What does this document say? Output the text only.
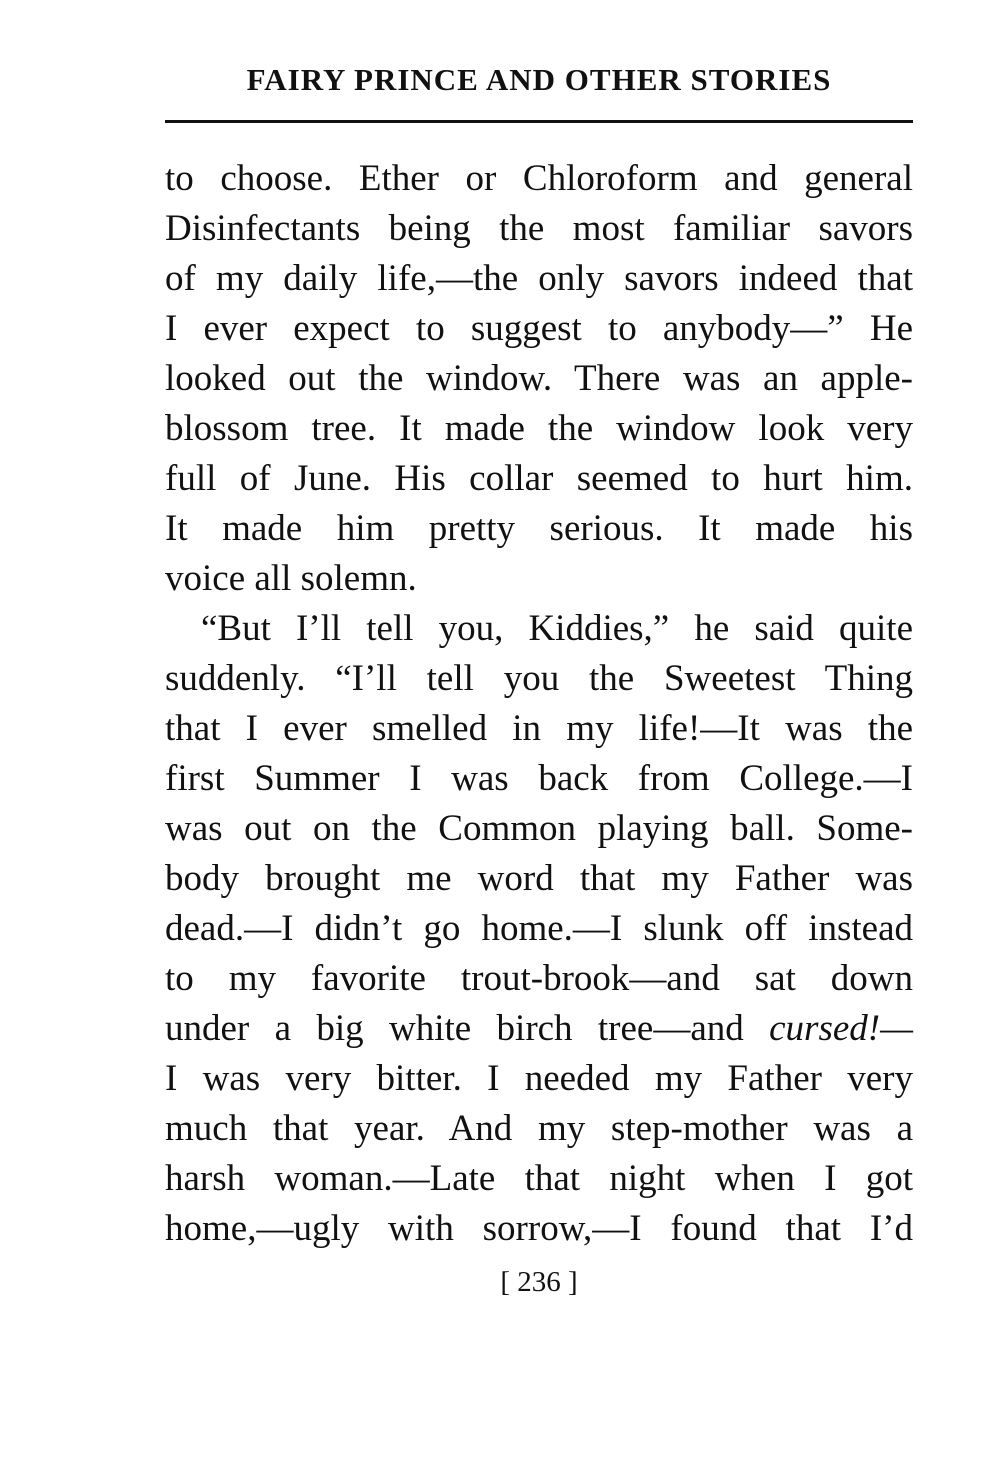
FAIRY PRINCE AND OTHER STORIES
to choose. Ether or Chloroform and general
Disinfectants being the most familiar savors
of my daily life,—the only savors indeed that
I ever expect to suggest to anybody—” He
looked out the window. There was an apple-
blossom tree. It made the window look very
full of June. His collar seemed to hurt him.
It made him pretty serious. It made his
voice all solemn.
“But I’ll tell you, Kiddies,” he said quite
suddenly. “I’ll tell you the Sweetest Thing
that I ever smelled in my life!—It was the
first Summer I was back from College.—I
was out on the Common playing ball. Some-
body brought me word that my Father was
dead.—I didn’t go home.—I slunk off instead
to my favorite trout-brook—and sat down
under a big white birch tree—and cursed!—
I was very bitter. I needed my Father very
much that year. And my step-mother was a
harsh woman.—Late that night when I got
home,—ugly with sorrow,—I found that I’d
[ 236 ]
